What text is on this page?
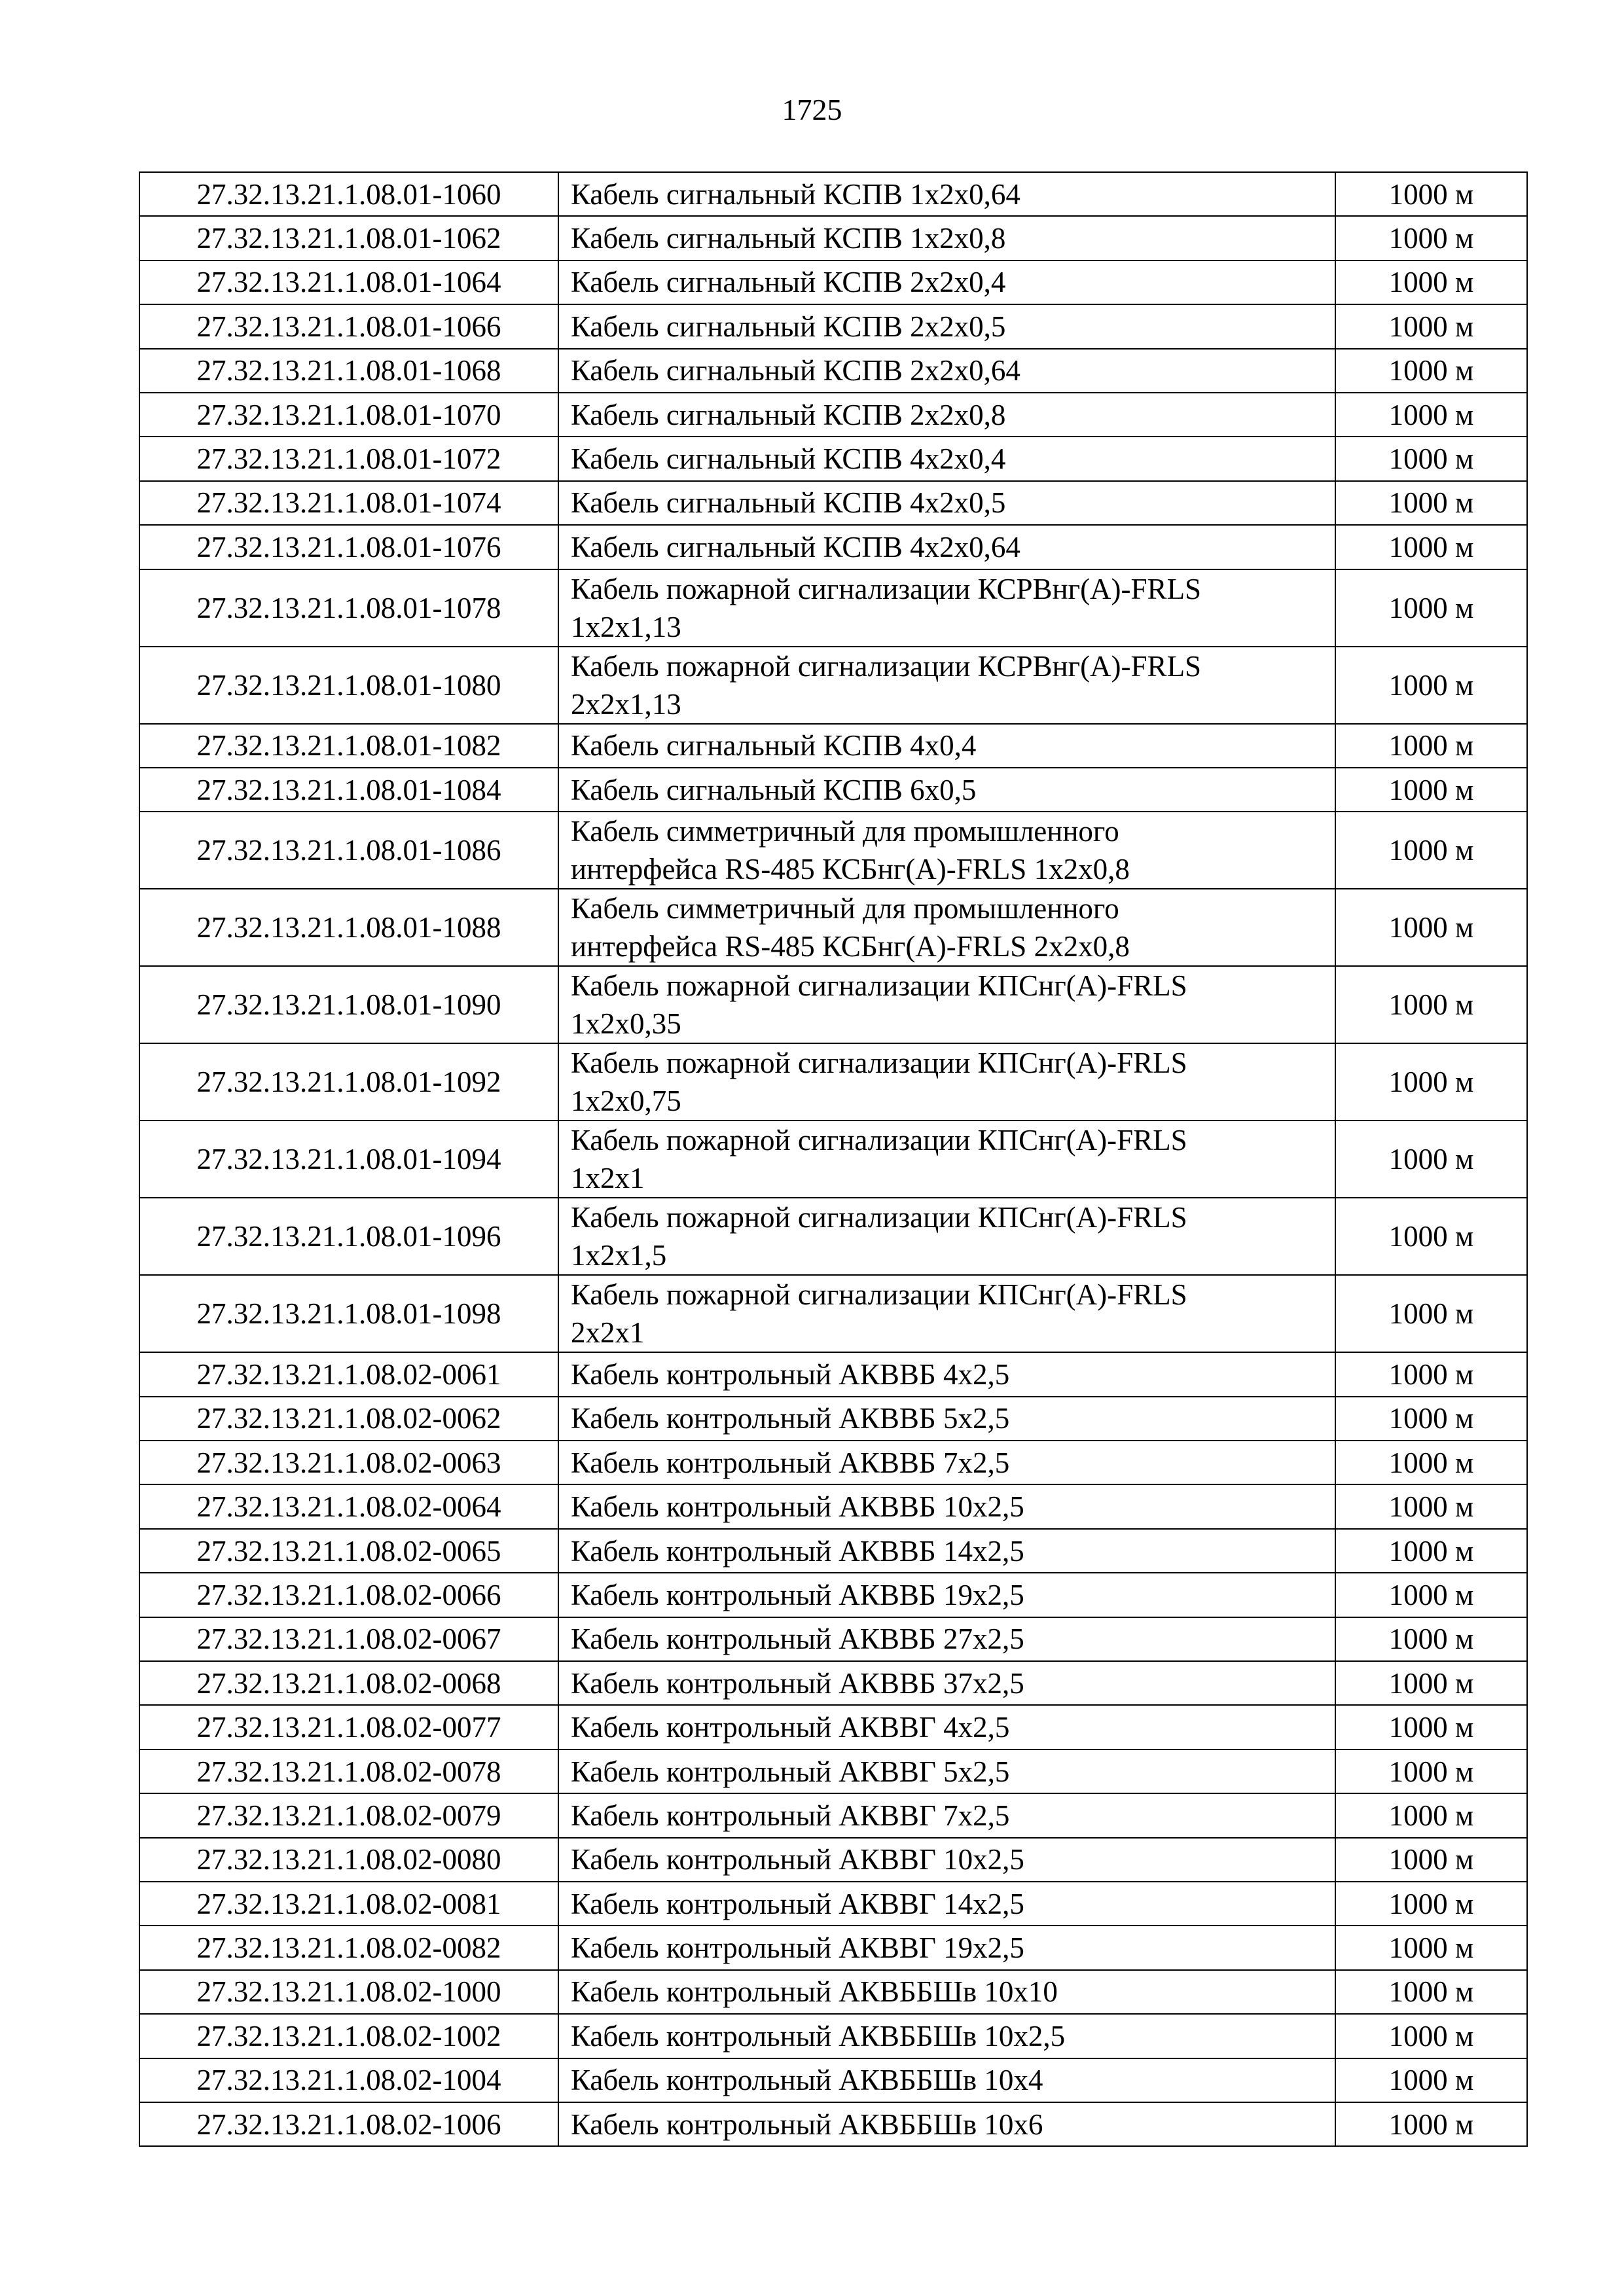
1725
27.32.13.21.1.08.01-1060	Кабель сигнальный КСПВ 1х2х0,64	1000 м
27.32.13.21.1.08.01-1062	Кабель сигнальный КСПВ 1х2х0,8	1000 м
27.32.13.21.1.08.01-1064	Кабель сигнальный КСПВ 2х2х0,4	1000 м
27.32.13.21.1.08.01-1066	Кабель сигнальный КСПВ 2х2х0,5	1000 м
27.32.13.21.1.08.01-1068	Кабель сигнальный КСПВ 2х2х0,64	1000 м
27.32.13.21.1.08.01-1070	Кабель сигнальный КСПВ 2х2х0,8	1000 м
27.32.13.21.1.08.01-1072	Кабель сигнальный КСПВ 4х2х0,4	1000 м
27.32.13.21.1.08.01-1074	Кабель сигнальный КСПВ 4х2х0,5	1000 м
27.32.13.21.1.08.01-1076	Кабель сигнальный КСПВ 4х2х0,64	1000 м
27.32.13.21.1.08.01-1078	Кабель пожарной сигнализации КСРВнг(А)-FRLS
1х2х1,13	1000 м
27.32.13.21.1.08.01-1080	Кабель пожарной сигнализации КСРВнг(А)-FRLS
2х2х1,13	1000 м
27.32.13.21.1.08.01-1082	Кабель сигнальный КСПВ 4х0,4	1000 м
27.32.13.21.1.08.01-1084	Кабель сигнальный КСПВ 6х0,5	1000 м
27.32.13.21.1.08.01-1086	Кабель симметричный для промышленного
интерфейса RS-485 КСБнг(А)-FRLS 1х2х0,8	1000 м
27.32.13.21.1.08.01-1088	Кабель симметричный для промышленного
интерфейса RS-485 КСБнг(А)-FRLS 2х2х0,8	1000 м
27.32.13.21.1.08.01-1090	Кабель пожарной сигнализации КПСнг(А)-FRLS
1х2х0,35	1000 м
27.32.13.21.1.08.01-1092	Кабель пожарной сигнализации КПСнг(А)-FRLS
1х2х0,75	1000 м
27.32.13.21.1.08.01-1094	Кабель пожарной сигнализации КПСнг(А)-FRLS
1х2х1	1000 м
27.32.13.21.1.08.01-1096	Кабель пожарной сигнализации КПСнг(А)-FRLS
1х2х1,5	1000 м
27.32.13.21.1.08.01-1098	Кабель пожарной сигнализации КПСнг(А)-FRLS
2х2х1	1000 м
27.32.13.21.1.08.02-0061	Кабель контрольный АКВВБ 4х2,5	1000 м
27.32.13.21.1.08.02-0062	Кабель контрольный АКВВБ 5х2,5	1000 м
27.32.13.21.1.08.02-0063	Кабель контрольный АКВВБ 7х2,5	1000 м
27.32.13.21.1.08.02-0064	Кабель контрольный АКВВБ 10х2,5	1000 м
27.32.13.21.1.08.02-0065	Кабель контрольный АКВВБ 14х2,5	1000 м
27.32.13.21.1.08.02-0066	Кабель контрольный АКВВБ 19х2,5	1000 м
27.32.13.21.1.08.02-0067	Кабель контрольный АКВВБ 27х2,5	1000 м
27.32.13.21.1.08.02-0068	Кабель контрольный АКВВБ 37х2,5	1000 м
27.32.13.21.1.08.02-0077	Кабель контрольный АКВВГ 4х2,5	1000 м
27.32.13.21.1.08.02-0078	Кабель контрольный АКВВГ 5х2,5	1000 м
27.32.13.21.1.08.02-0079	Кабель контрольный АКВВГ 7х2,5	1000 м
27.32.13.21.1.08.02-0080	Кабель контрольный АКВВГ 10х2,5	1000 м
27.32.13.21.1.08.02-0081	Кабель контрольный АКВВГ 14х2,5	1000 м
27.32.13.21.1.08.02-0082	Кабель контрольный АКВВГ 19х2,5	1000 м
27.32.13.21.1.08.02-1000	Кабель контрольный АКВББШв 10х10	1000 м
27.32.13.21.1.08.02-1002	Кабель контрольный АКВББШв 10х2,5	1000 м
27.32.13.21.1.08.02-1004	Кабель контрольный АКВББШв 10х4	1000 м
27.32.13.21.1.08.02-1006	Кабель контрольный АКВББШв 10х6	1000 м
